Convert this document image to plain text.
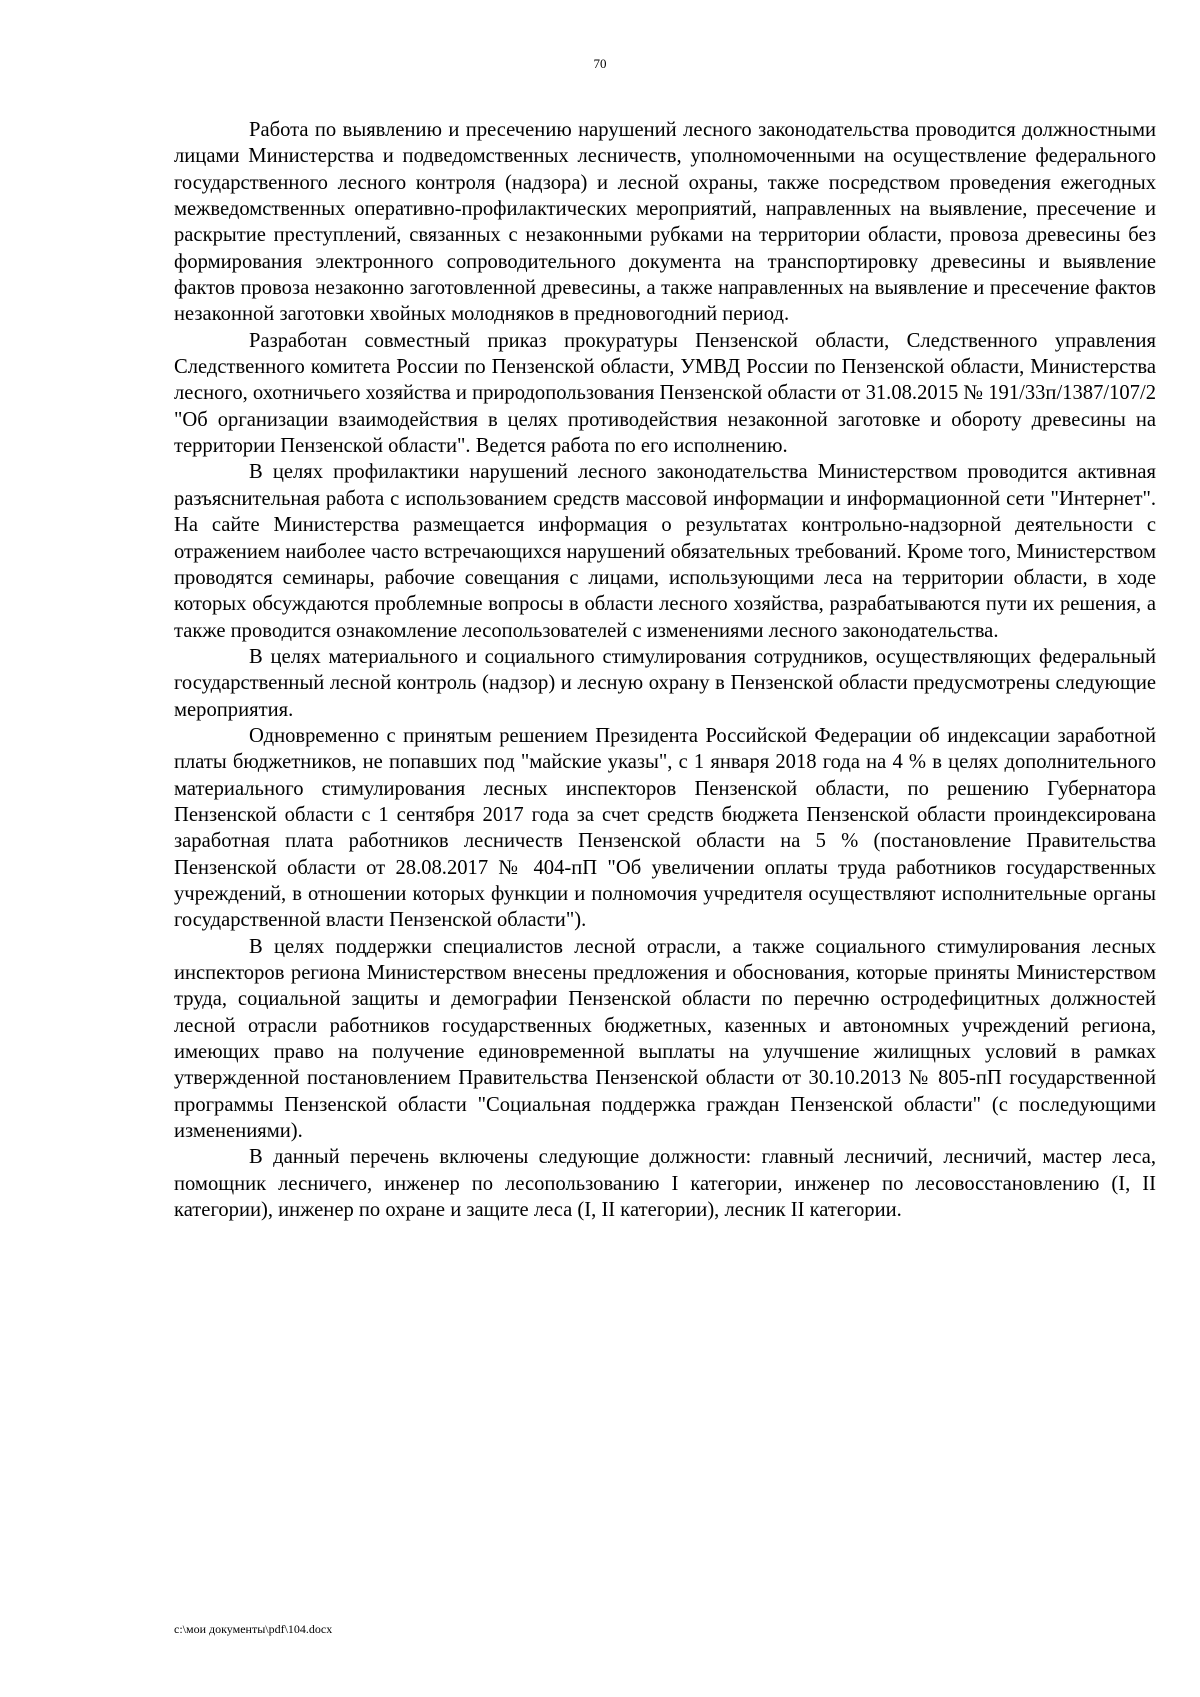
70

Работа по выявлению и пресечению нарушений лесного законодательства проводится должностными лицами Министерства и подведомственных лесничеств, уполномоченными на осуществление федерального государственного лесного контроля (надзора) и лесной охраны, также посредством проведения ежегодных межведомственных оперативно-профилактических мероприятий, направленных на выявление, пресечение и раскрытие преступлений, связанных с незаконными рубками на территории области, провоза древесины без формирования электронного сопроводительного документа на транспортировку древесины и выявление фактов провоза незаконно заготовленной древесины, а также направленных на выявление и пресечение фактов незаконной заготовки хвойных молодняков в предновогодний период.

Разработан совместный приказ прокуратуры Пензенской области, Следственного управления Следственного комитета России по Пензенской области, УМВД России по Пензенской области, Министерства лесного, охотничьего хозяйства и природопользования Пензенской области от 31.08.2015 № 191/33п/1387/107/2 "Об организации взаимодействия в целях противодействия незаконной заготовке и обороту древесины на территории Пензенской области". Ведется работа по его исполнению.

В целях профилактики нарушений лесного законодательства Министерством проводится активная разъяснительная работа с использованием средств массовой информации и информационной сети "Интернет". На сайте Министерства размещается информация о результатах контрольно-надзорной деятельности с отражением наиболее часто встречающихся нарушений обязательных требований. Кроме того, Министерством проводятся семинары, рабочие совещания с лицами, использующими леса на территории области, в ходе которых обсуждаются проблемные вопросы в области лесного хозяйства, разрабатываются пути их решения, а также проводится ознакомление лесопользователей с изменениями лесного законодательства.

В целях материального и социального стимулирования сотрудников, осуществляющих федеральный государственный лесной контроль (надзор) и лесную охрану в Пензенской области предусмотрены следующие мероприятия.

Одновременно с принятым решением Президента Российской Федерации об индексации заработной платы бюджетников, не попавших под "майские указы", с 1 января 2018 года на 4 % в целях дополнительного материального стимулирования лесных инспекторов Пензенской области, по решению Губернатора Пензенской области с 1 сентября 2017 года за счет средств бюджета Пензенской области проиндексирована заработная плата работников лесничеств Пензенской области на 5 % (постановление Правительства Пензенской области от 28.08.2017 № 404-пП "Об увеличении оплаты труда работников государственных учреждений, в отношении которых функции и полномочия учредителя осуществляют исполнительные органы государственной власти Пензенской области").

В целях поддержки специалистов лесной отрасли, а также социального стимулирования лесных инспекторов региона Министерством внесены предложения и обоснования, которые приняты Министерством труда, социальной защиты и демографии Пензенской области по перечню остродефицитных должностей лесной отрасли работников государственных бюджетных, казенных и автономных учреждений региона, имеющих право на получение единовременной выплаты на улучшение жилищных условий в рамках утвержденной постановлением Правительства Пензенской области от 30.10.2013 № 805-пП государственной программы Пензенской области "Социальная поддержка граждан Пензенской области" (с последующими изменениями).

В данный перечень включены следующие должности: главный лесничий, лесничий, мастер леса, помощник лесничего, инженер по лесопользованию I категории, инженер по лесовосстановлению (I, II категории), инженер по охране и защите леса (I, II категории), лесник II категории.

c:\мои документы\pdf\104.docx
